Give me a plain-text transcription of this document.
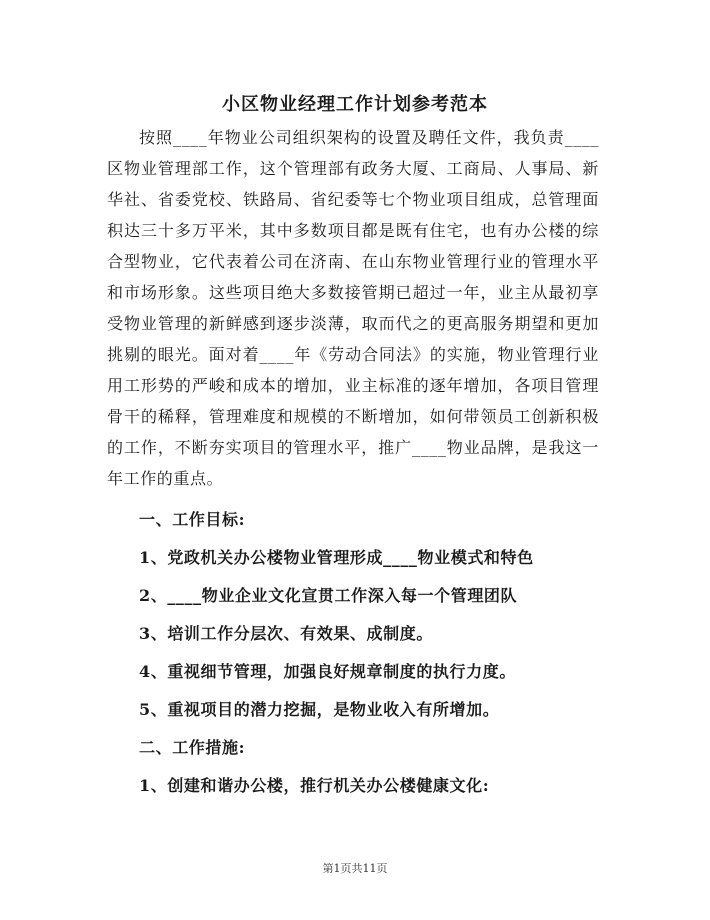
小区物业经理工作计划参考范本

按照____年物业公司组织架构的设置及聘任文件，我负责____区物业管理部工作，这个管理部有政务大厦、工商局、人事局、新华社、省委党校、铁路局、省纪委等七个物业项目组成，总管理面积达三十多万平米，其中多数项目都是既有住宅，也有办公楼的综合型物业，它代表着公司在济南、在山东物业管理行业的管理水平和市场形象。这些项目绝大多数接管期已超过一年，业主从最初享受物业管理的新鲜感到逐步淡薄，取而代之的更高服务期望和更加挑剔的眼光。面对着____年《劳动合同法》的实施，物业管理行业用工形势的严峻和成本的增加，业主标准的逐年增加，各项目管理骨干的稀释，管理难度和规模的不断增加，如何带领员工创新积极的工作，不断夯实项目的管理水平，推广____物业品牌，是我这一年工作的重点。

一、工作目标:

1、党政机关办公楼物业管理形成____物业模式和特色

2、____物业企业文化宣贯工作深入每一个管理团队

3、培训工作分层次、有效果、成制度。

4、重视细节管理，加强良好规章制度的执行力度。

5、重视项目的潜力挖掘，是物业收入有所增加。

二、工作措施:

1、创建和谐办公楼，推行机关办公楼健康文化:

第1页共11页
